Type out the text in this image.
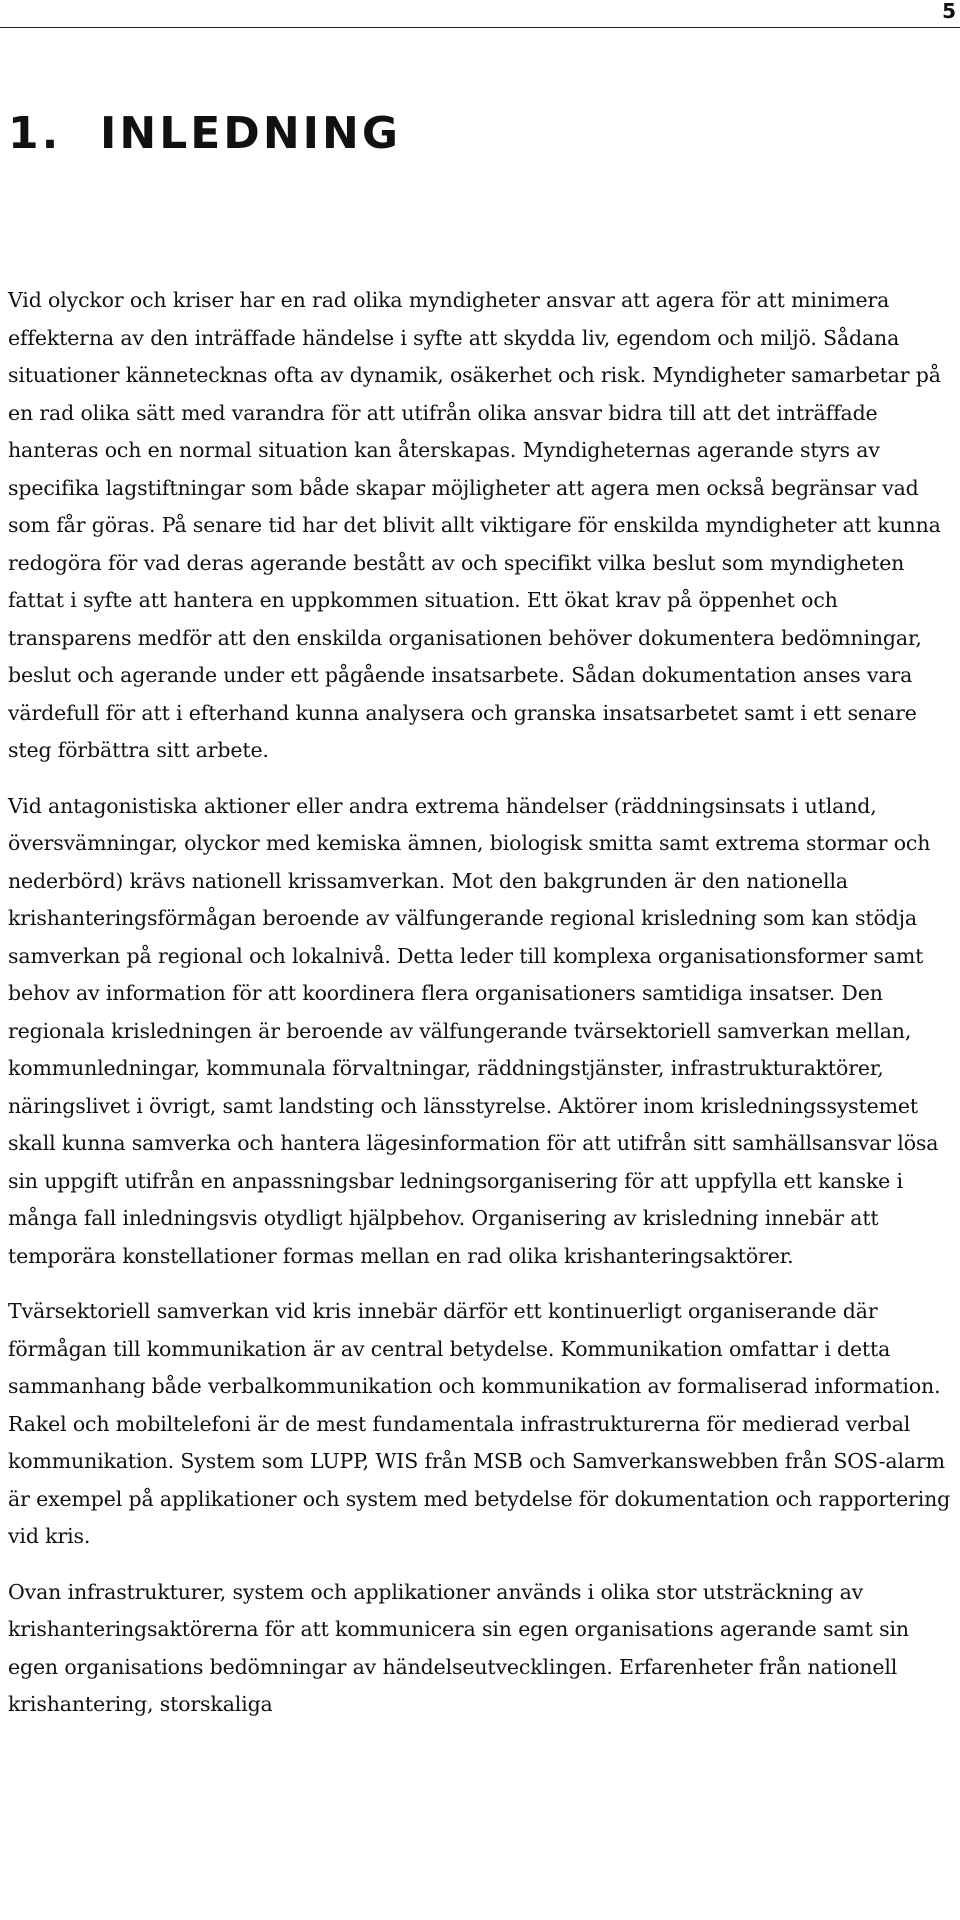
5
1. INLEDNING

Vid olyckor och kriser har en rad olika myndigheter ansvar att agera för att minimera effekterna av den inträffade händelse i syfte att skydda liv, egendom och miljö. Sådana situationer kännetecknas ofta av dynamik, osäkerhet och risk. Myndigheter samarbetar på en rad olika sätt med varandra för att utifrån olika ansvar bidra till att det inträffade hanteras och en normal situation kan återskapas. Myndigheternas agerande styrs av specifika lagstiftningar som både skapar möjligheter att agera men också begränsar vad som får göras. På senare tid har det blivit allt viktigare för enskilda myndigheter att kunna redogöra för vad deras agerande bestått av och specifikt vilka beslut som myndigheten fattat i syfte att hantera en uppkommen situation. Ett ökat krav på öppenhet och transparens medför att den enskilda organisationen behöver dokumentera bedömningar, beslut och agerande under ett pågående insatsarbete. Sådan dokumentation anses vara värdefull för att i efterhand kunna analysera och granska insatsarbetet samt i ett senare steg förbättra sitt arbete.

Vid antagonistiska aktioner eller andra extrema händelser (räddningsinsats i utland, översvämningar, olyckor med kemiska ämnen, biologisk smitta samt extrema stormar och nederbörd) krävs nationell krissamverkan. Mot den bakgrunden är den nationella krishanteringsförmågan beroende av välfungerande regional krisledning som kan stödja samverkan på regional och lokalnivå. Detta leder till komplexa organisationsformer samt behov av information för att koordinera flera organisationers samtidiga insatser. Den regionala krisledningen är beroende av välfungerande tvärsektoriell samverkan mellan, kommunledningar, kommunala förvaltningar, räddningstjänster, infrastrukturaktörer, näringslivet i övrigt, samt landsting och länsstyrelse. Aktörer inom krisledningssystemet skall kunna samverka och hantera lägesinformation för att utifrån sitt samhällsansvar lösa sin uppgift utifrån en anpassningsbar ledningsorganisering för att uppfylla ett kanske i många fall inledningsvis otydligt hjälpbehov. Organisering av krisledning innebär att temporära konstellationer formas mellan en rad olika krishanteringsaktörer.

Tvärsektoriell samverkan vid kris innebär därför ett kontinuerligt organiserande där förmågan till kommunikation är av central betydelse. Kommunikation omfattar i detta sammanhang både verbalkommunikation och kommunikation av formaliserad information. Rakel och mobiltelefoni är de mest fundamentala infrastrukturerna för medierad verbal kommunikation. System som LUPP, WIS från MSB och Samverkanswebben från SOS-alarm är exempel på applikationer och system med betydelse för dokumentation och rapportering vid kris.

Ovan infrastrukturer, system och applikationer används i olika stor utsträckning av krishanteringsaktörerna för att kommunicera sin egen organisations agerande samt sin egen organisations bedömningar av händelseutvecklingen. Erfarenheter från nationell krishantering, storskaliga
